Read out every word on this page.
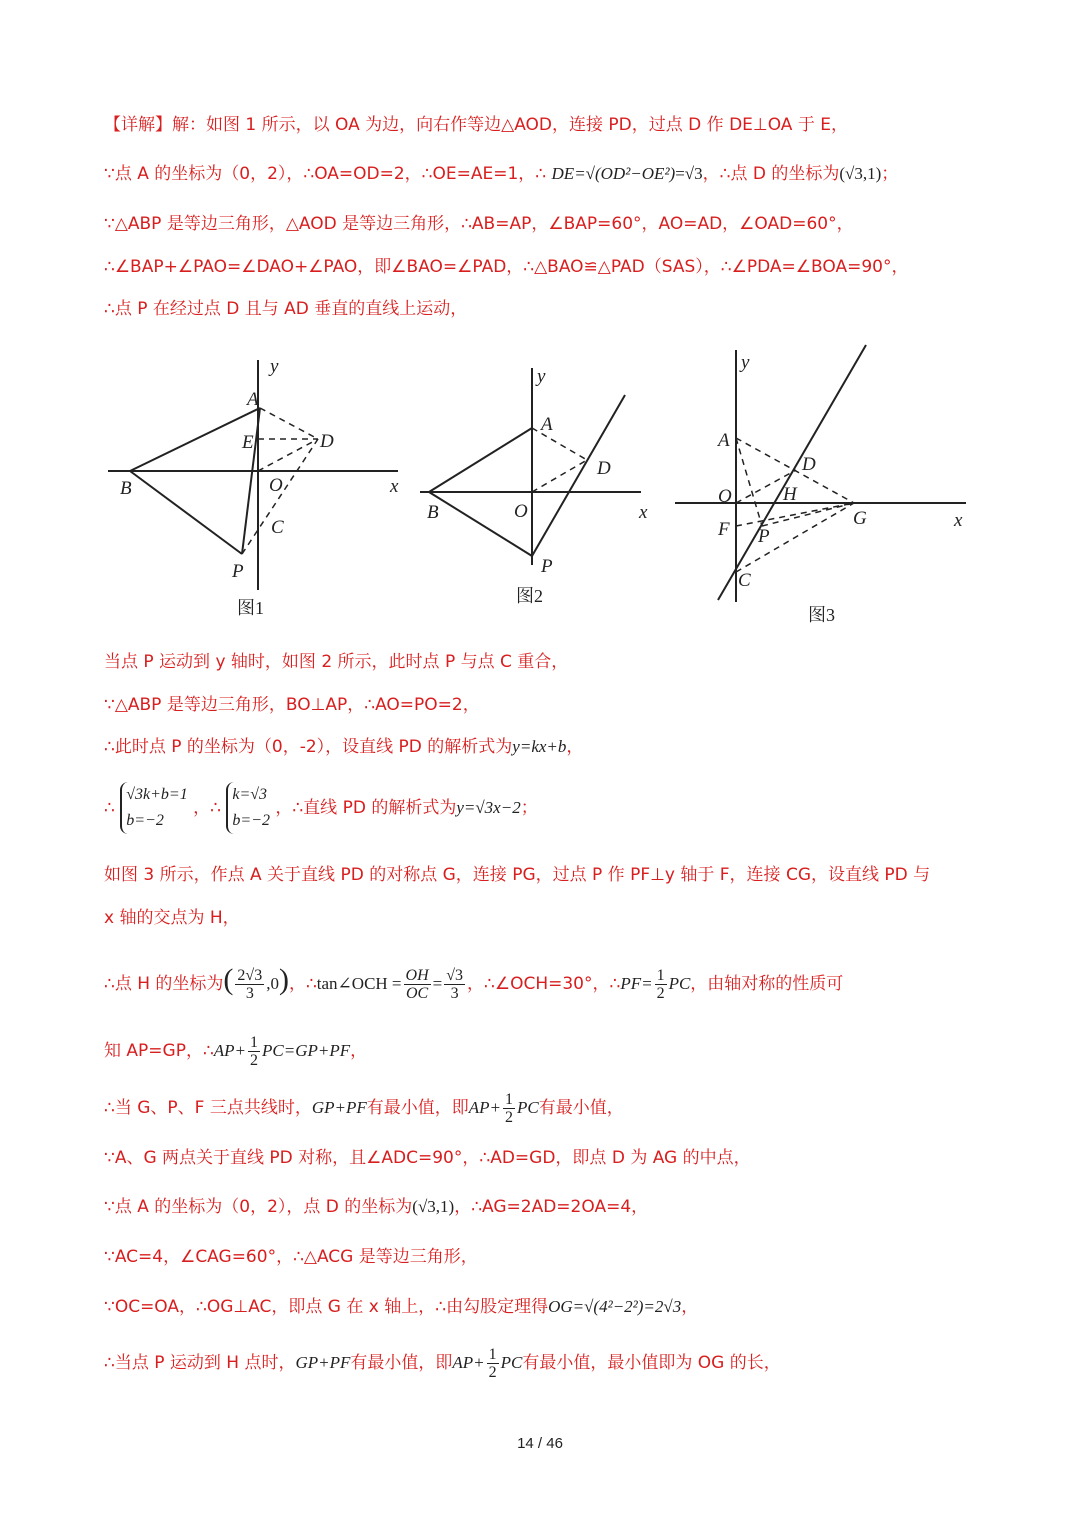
【详解】解：如图 1 所示，以 OA 为边，向右作等边△AOD，连接 PD，过点 D 作 DE⊥OA 于 E，
∵点 A 的坐标为（0，2），∴OA=OD=2，∴OE=AE=1，∴ DE=√(OD²−OE²)=√3，∴点 D 的坐标为(√3,1)；
∵△ABP 是等边三角形，△AOD 是等边三角形，∴AB=AP，∠BAP=60°，AO=AD，∠OAD=60°，
∴∠BAP+∠PAO=∠DAO+∠PAO，即∠BAO=∠PAD，∴△BAO≌△PAD（SAS），∴∠PDA=∠BOA=90°，
∴点 P 在经过点 D 且与 AD 垂直的直线上运动，
y
x
A
E	D
B	O
C
P
图1
y
x
A
D
B	O
P
图2
y
x
A
D
O	H
G
F P
C
图3
当点 P 运动到 y 轴时，如图 2 所示，此时点 P 与点 C 重合，
∵△ABP 是等边三角形，BO⊥AP，∴AO=PO=2，
∴此时点 P 的坐标为（0，-2），设直线 PD 的解析式为y=kx+b，
∴
√3k+b=1
b=−2
，∴
k=√3
b=−2
，∴直线 PD 的解析式为y=√3x−2；
如图 3 所示，作点 A 关于直线 PD 的对称点 G，连接 PG，过点 P 作 PF⊥y 轴于 F，连接 CG，设直线 PD 与
x 轴的交点为 H，
∴点 H 的坐标为( $\frac{2√3}{3} ,0$)，∴tan∠OCH = $\frac{OH}{OC} = \frac{√3}{3}$ ，∴∠OCH=30°，∴PF= $\frac{1}{2}$ PC，由轴对称的性质可
知 AP=GP，∴AP+ $\frac{1}{2} PC=GP+PF$，
∴当 G、P、F 三点共线时，GP+PF有最小值，即$AP+ \frac{1}{2}$ PC有最小值，
∵A、G 两点关于直线 PD 对称，且∠ADC=90°，∴AD=GD，即点 D 为 AG 的中点，
∵点 A 的坐标为（0，2），点 D 的坐标为(√3,1)，∴AG=2AD=2OA=4，
∵AC=4，∠CAG=60°，∴△ACG 是等边三角形，
∵OC=OA，∴OG⊥AC，即点 G 在 x 轴上，∴由勾股定理得OG=√(4²−2²)=2√3，
∴当点 P 运动到 H 点时，GP+PF有最小值，即$AP+ \frac{1}{2}$ PC有最小值，最小值即为 OG 的长，
14 / 46
